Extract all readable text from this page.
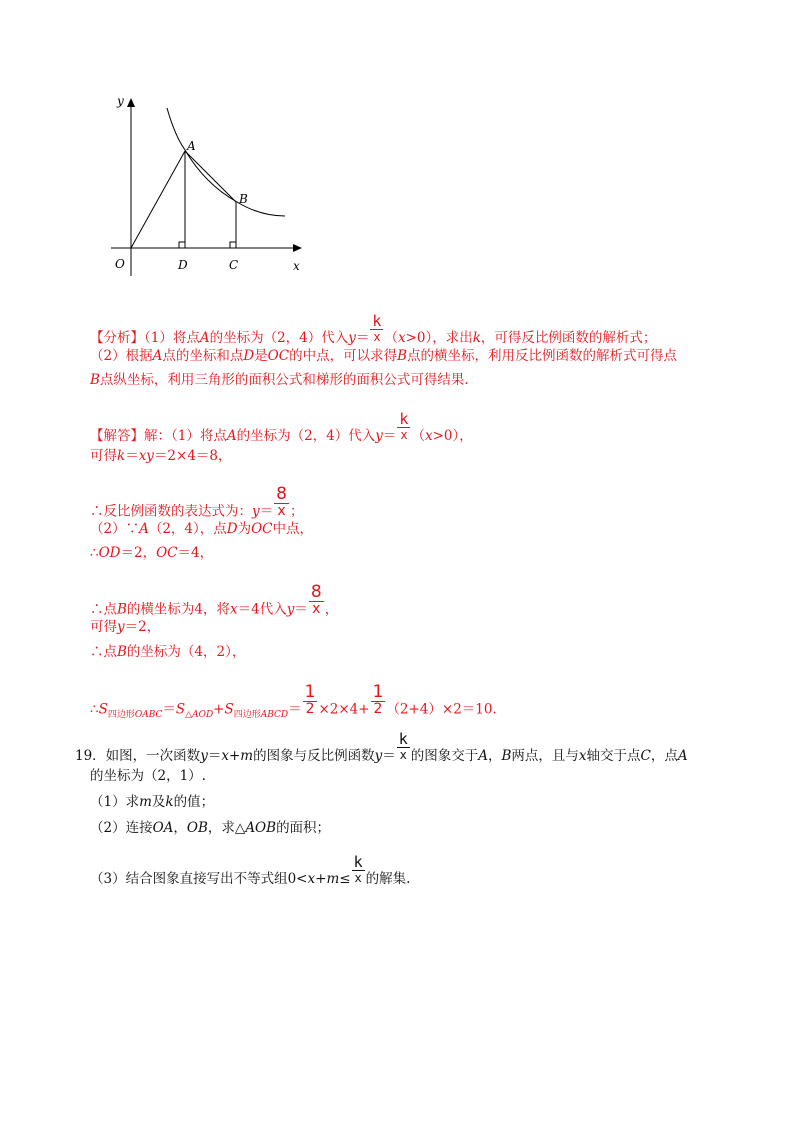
y
x
O
A
B
C
D
【分析】（1）将点A的坐标为（2，4）代入$y= \frac{k}{x} (x>0)$，求出k，可得反比例函数的解析式；
（2）根据A点的坐标和点D是OC的中点，可以求得B点的横坐标，利用反比例函数的解析式可得点
B点纵坐标，利用三角形的面积公式和梯形的面积公式可得结果.
【解答】解：（1）将点A的坐标为（2，4）代入$y= \frac{k}{x} (x>0)$，
可得k＝xy＝2×4＝8，
∴反比例函数的表达式为：$y= \frac{8}{x}$ ；
（2）∵A（2，4），点D为OC中点，
∴OD＝2，OC＝4，
∴点B的横坐标为4，将x＝4代入$y= \frac{8}{x}$ ，
可得y＝2，
∴点B的坐标为（4，2），
$\therefore S_{四边形OABC}=S_{\triangle AOD}+S_{四边形ABCD}= \frac{1}{2} \times 2\times 4+ \frac{1}{2} (2+4)\times 2=10$.
19．如图，一次函数y＝x+m的图象与反比例函数$y= \frac{k}{x}$ 的图象交于A，B两点，且与x轴交于点C，点A
的坐标为（2，1）.
（1）求m及k的值；
（2）连接OA，OB，求△AOB的面积；
（3）结合图象直接写出不等式组$0<x+m\le \frac{k}{x}$ 的解集.
